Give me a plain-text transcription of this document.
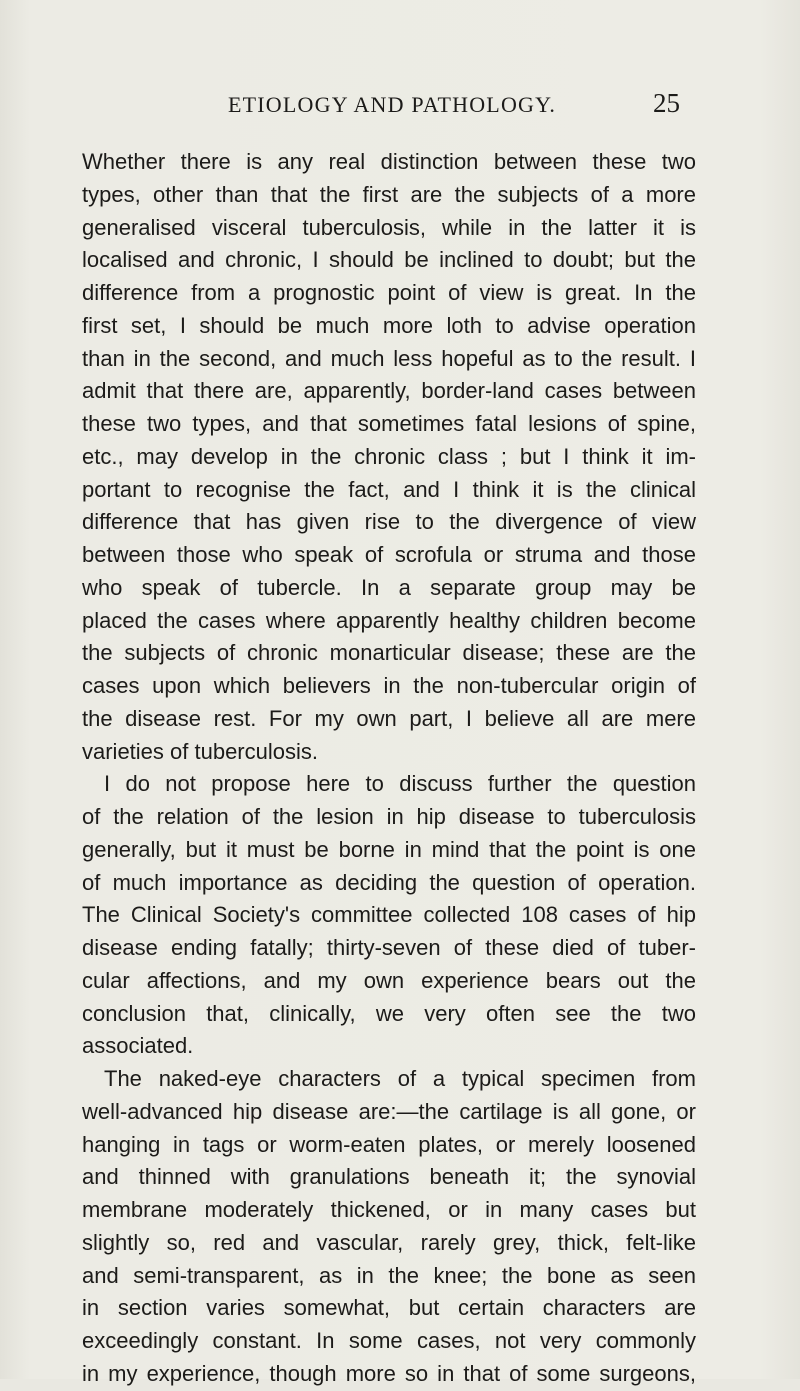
ETIOLOGY AND PATHOLOGY.	25
Whether there is any real distinction between these two
types, other than that the first are the subjects of a more
generalised visceral tuberculosis, while in the latter it is
localised and chronic, I should be inclined to doubt; but the
difference from a prognostic point of view is great. In the
first set, I should be much more loth to advise operation
than in the second, and much less hopeful as to the result. I
admit that there are, apparently, border-land cases between
these two types, and that sometimes fatal lesions of spine,
etc., may develop in the chronic class ; but I think it im-
portant to recognise the fact, and I think it is the clinical
difference that has given rise to the divergence of view
between those who speak of scrofula or struma and those
who speak of tubercle. In a separate group may be
placed the cases where apparently healthy children become
the subjects of chronic monarticular disease; these are the
cases upon which believers in the non-tubercular origin of
the disease rest. For my own part, I believe all are mere
varieties of tuberculosis.
I do not propose here to discuss further the question
of the relation of the lesion in hip disease to tuberculosis
generally, but it must be borne in mind that the point is one
of much importance as deciding the question of operation.
The Clinical Society's committee collected 108 cases of hip
disease ending fatally; thirty-seven of these died of tuber-
cular affections, and my own experience bears out the
conclusion that, clinically, we very often see the two
associated.
The naked-eye characters of a typical specimen from
well-advanced hip disease are:—the cartilage is all gone, or
hanging in tags or worm-eaten plates, or merely loosened
and thinned with granulations beneath it; the synovial
membrane moderately thickened, or in many cases but
slightly so, red and vascular, rarely grey, thick, felt-like
and semi-transparent, as in the knee; the bone as seen
in section varies somewhat, but certain characters are
exceedingly constant. In some cases, not very commonly
in my experience, though more so in that of some surgeons,
